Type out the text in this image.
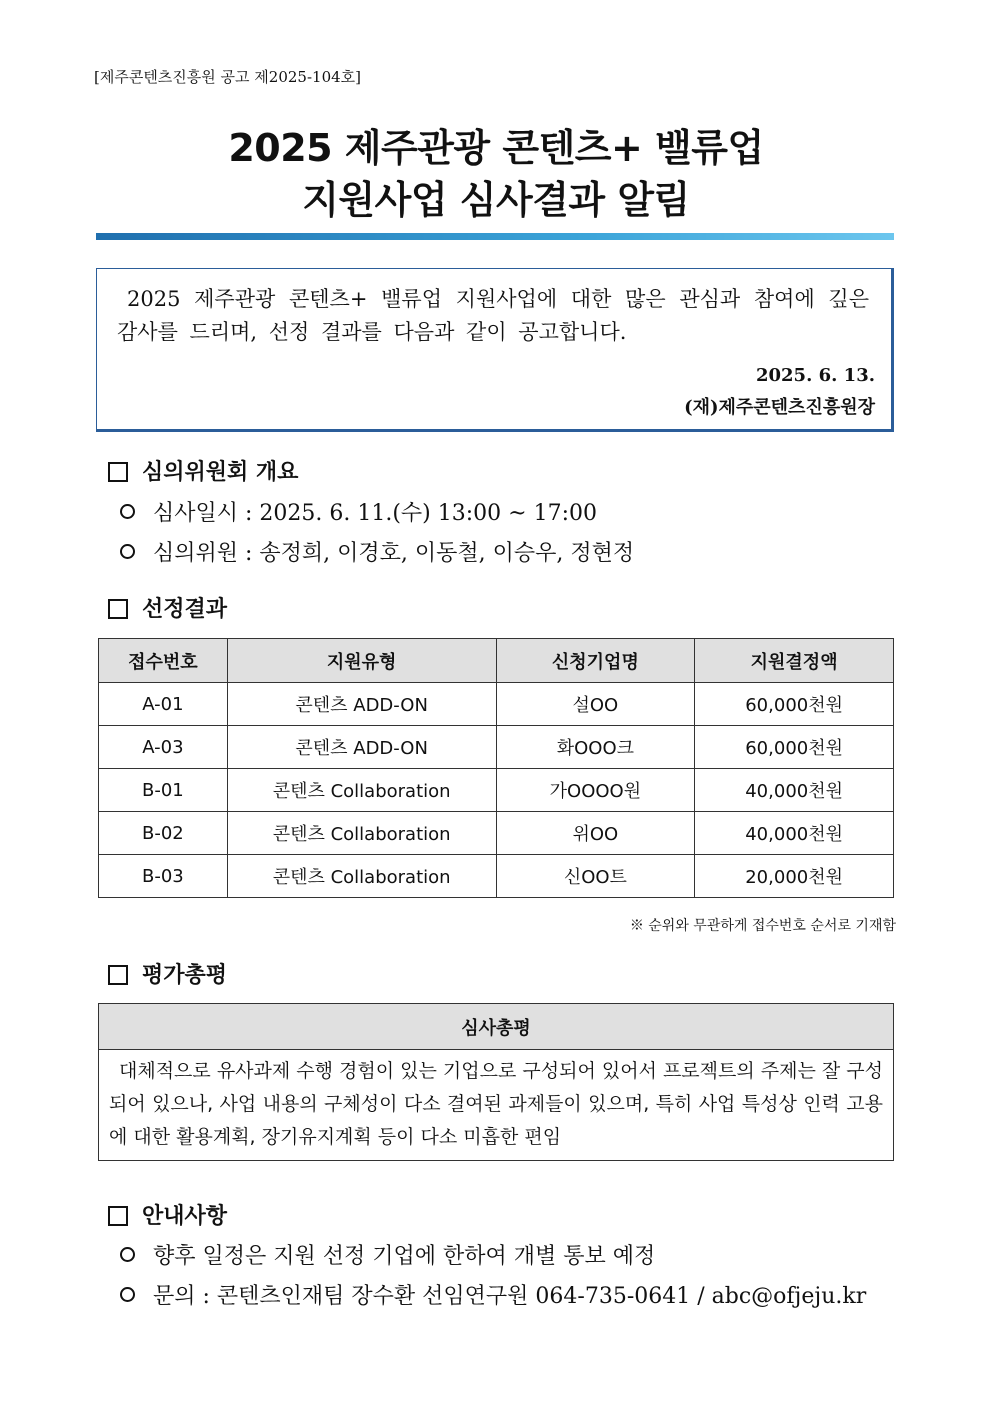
[제주콘텐츠진흥원 공고 제2025-104호]
2025 제주관광 콘텐츠+ 밸류업
지원사업 심사결과 알림
2025 제주관광 콘텐츠+ 밸류업 지원사업에 대한 많은 관심과 참여에 깊은 감사를 드리며, 선정 결과를 다음과 같이 공고합니다.
2025. 6. 13.
(재)제주콘텐츠진흥원장
심의위원회 개요
심사일시 : 2025. 6. 11.(수) 13:00 ~ 17:00
심의위원 : 송정희, 이경호, 이동철, 이승우, 정현정
선정결과
접수번호	지원유형	신청기업명	지원결정액
A-01	콘텐츠 ADD-ON	설OO	60,000천원
A-03	콘텐츠 ADD-ON	화OOO크	60,000천원
B-01	콘텐츠 Collaboration	가OOOO원	40,000천원
B-02	콘텐츠 Collaboration	위OO	40,000천원
B-03	콘텐츠 Collaboration	신OO트	20,000천원
※ 순위와 무관하게 접수번호 순서로 기재함
평가총평
심사총평
대체적으로 유사과제 수행 경험이 있는 기업으로 구성되어 있어서 프로젝트의 주제는 잘 구성되어 있으나, 사업 내용의 구체성이 다소 결여된 과제들이 있으며, 특히 사업 특성상 인력 고용에 대한 활용계획, 장기유지계획 등이 다소 미흡한 편임
안내사항
향후 일정은 지원 선정 기업에 한하여 개별 통보 예정
문의 : 콘텐츠인재팀 장수환 선임연구원 064-735-0641 / abc@ofjeju.kr
